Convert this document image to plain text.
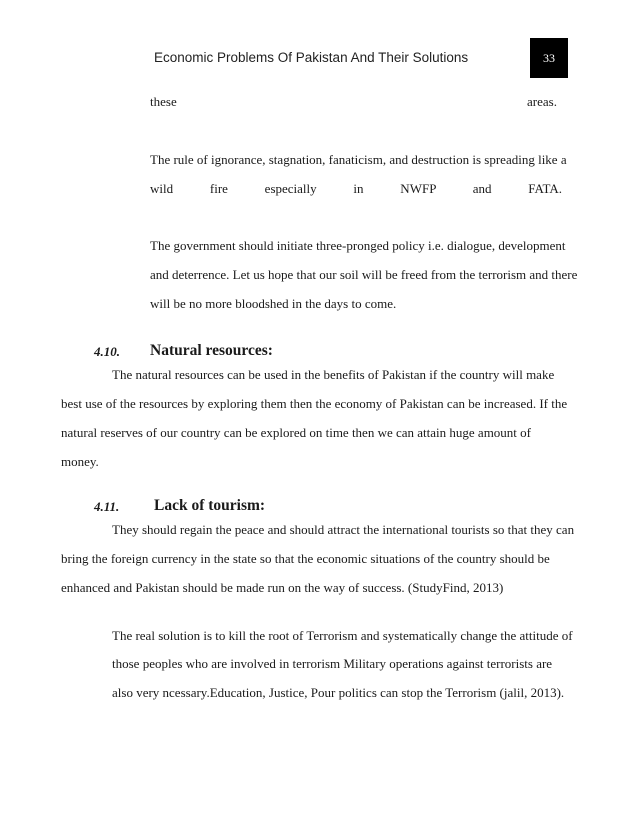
Economic Problems Of Pakistan And Their Solutions	33
these	areas.
The rule of ignorance, stagnation, fanaticism, and destruction is spreading like a
wild fire especially in NWFP and FATA.
The government should initiate three-pronged policy i.e. dialogue, development
and deterrence. Let us hope that our soil will be freed from the terrorism and there
will be no more bloodshed in the days to come.
4.10. Natural resources:
The natural resources can be used in the benefits of Pakistan if the country will make
best use of the resources by exploring them then the economy of Pakistan can be increased. If the
natural reserves of our country can be explored on time then we can attain huge amount of
money.
4.11. Lack of tourism:
They should regain the peace and should attract the international tourists so that they can
bring the foreign currency in the state so that the economic situations of the country should be
enhanced and Pakistan should be made run on the way of success. (StudyFind, 2013)
The real solution is to kill the root of Terrorism and systematically change the attitude of
those peoples who are involved in terrorism Military operations against terrorists are
also very ncessary.Education, Justice, Pour politics can stop the Terrorism (jalil, 2013).
